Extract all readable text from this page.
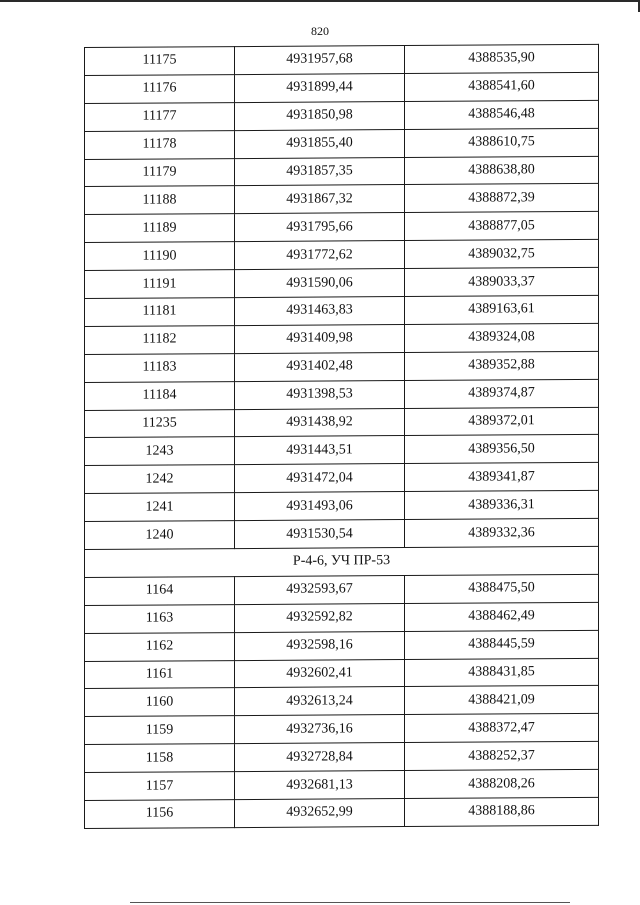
820
11175	4931957,68	4388535,90
11176	4931899,44	4388541,60
11177	4931850,98	4388546,48
11178	4931855,40	4388610,75
11179	4931857,35	4388638,80
11188	4931867,32	4388872,39
11189	4931795,66	4388877,05
11190	4931772,62	4389032,75
11191	4931590,06	4389033,37
11181	4931463,83	4389163,61
11182	4931409,98	4389324,08
11183	4931402,48	4389352,88
11184	4931398,53	4389374,87
11235	4931438,92	4389372,01
1243	4931443,51	4389356,50
1242	4931472,04	4389341,87
1241	4931493,06	4389336,31
1240	4931530,54	4389332,36
Р-4-6, УЧ ПР-53		
1164	4932593,67	4388475,50
1163	4932592,82	4388462,49
1162	4932598,16	4388445,59
1161	4932602,41	4388431,85
1160	4932613,24	4388421,09
1159	4932736,16	4388372,47
1158	4932728,84	4388252,37
1157	4932681,13	4388208,26
1156	4932652,99	4388188,86
